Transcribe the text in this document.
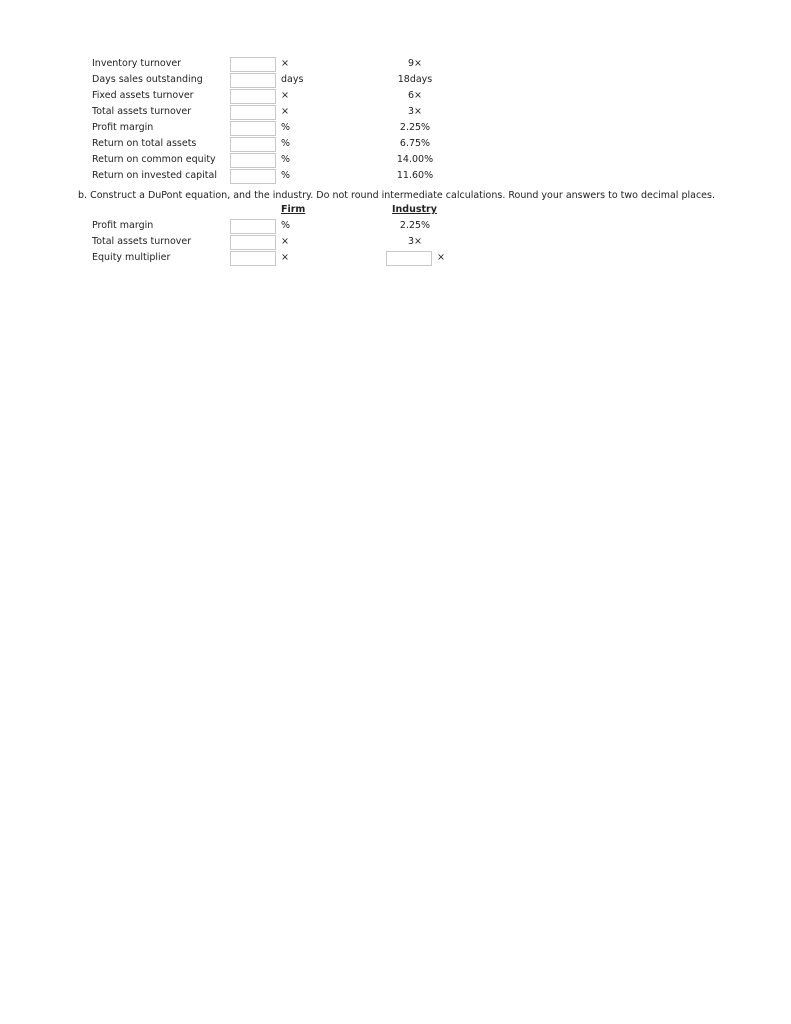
Inventory turnover	×	9×
Days sales outstanding	days	18days
Fixed assets turnover	×	6×
Total assets turnover	×	3×
Profit margin	%	2.25%
Return on total assets	%	6.75%
Return on common equity	%	14.00%
Return on invested capital	%	11.60%
b. Construct a DuPont equation, and the industry. Do not round intermediate calculations. Round your answers to two decimal places.
Firm	Industry
Profit margin	%	2.25%
Total assets turnover	×	3×
Equity multiplier	×	×
